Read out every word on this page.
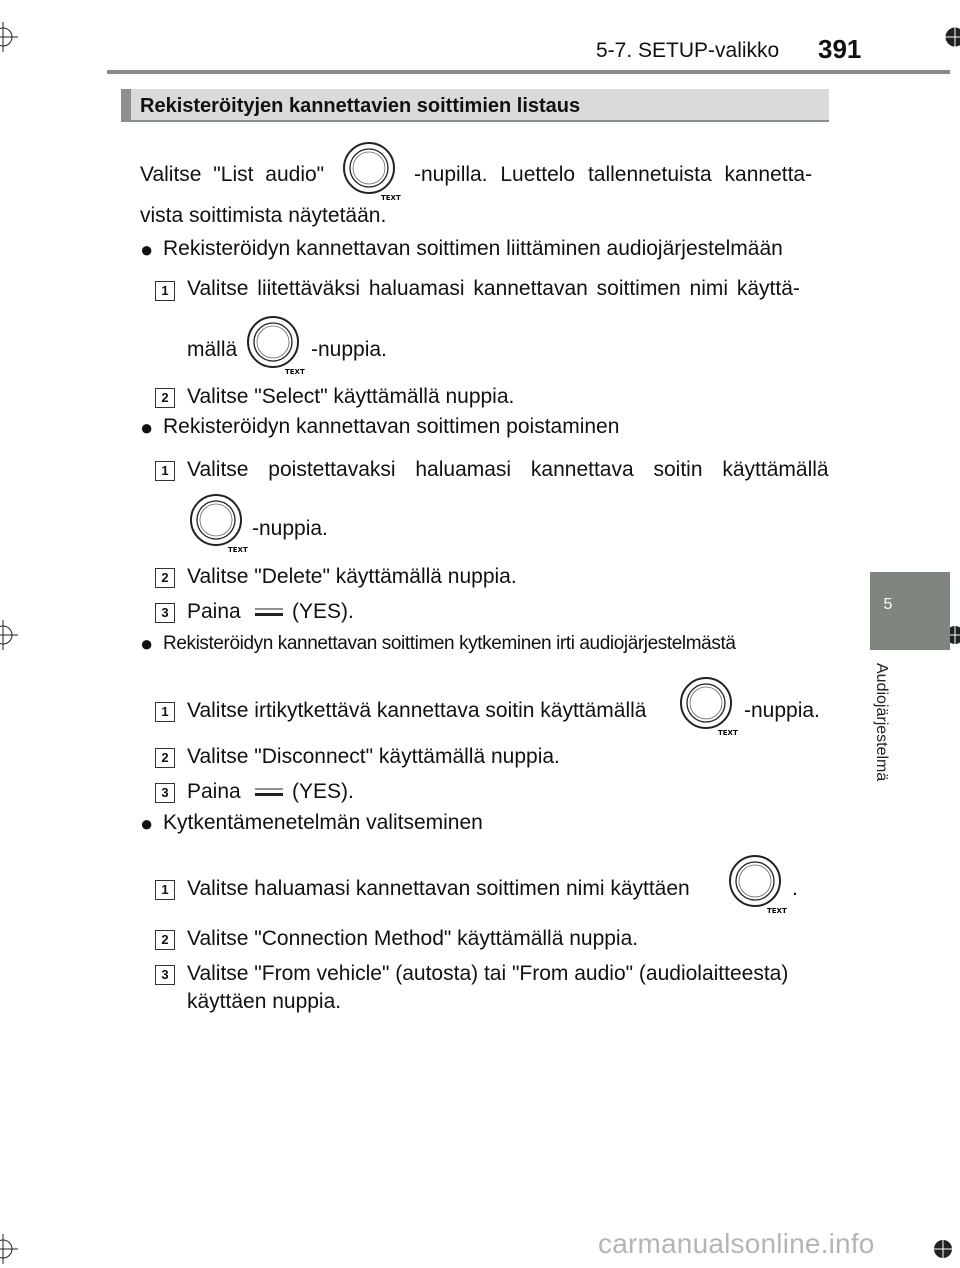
5-7. SETUP-valikko 391
5
Audiojärjestelmä
Rekisteröityjen kannettavien soittimien listaus
Valitse "List audio"
TEXT
-nupilla. Luettelo tallennetuista kannetta-
vista soittimista näytetään.
● Rekisteröidyn kannettavan soittimen liittäminen audiojärjestelmään
1 Valitse liitettäväksi haluamasi kannettavan soittimen nimi käyttä-
mällä
TEXT
-nuppia.
2 Valitse "Select" käyttämällä nuppia.
● Rekisteröidyn kannettavan soittimen poistaminen
1 Valitse poistettavaksi haluamasi kannettava soitin käyttämällä
TEXT
-nuppia.
2 Valitse "Delete" käyttämällä nuppia.
3 Paina (YES).
● Rekisteröidyn kannettavan soittimen kytkeminen irti audiojärjestelmästä
1 Valitse irtikytkettävä kannettava soitin käyttämällä
TEXT
-nuppia.
2 Valitse "Disconnect" käyttämällä nuppia.
3 Paina (YES).
● Kytkentämenetelmän valitseminen
1 Valitse haluamasi kannettavan soittimen nimi käyttäen
TEXT
.
2 Valitse "Connection Method" käyttämällä nuppia.
3 Valitse "From vehicle" (autosta) tai "From audio" (audiolaitteesta)
käyttäen nuppia.
carmanualsonline.info
